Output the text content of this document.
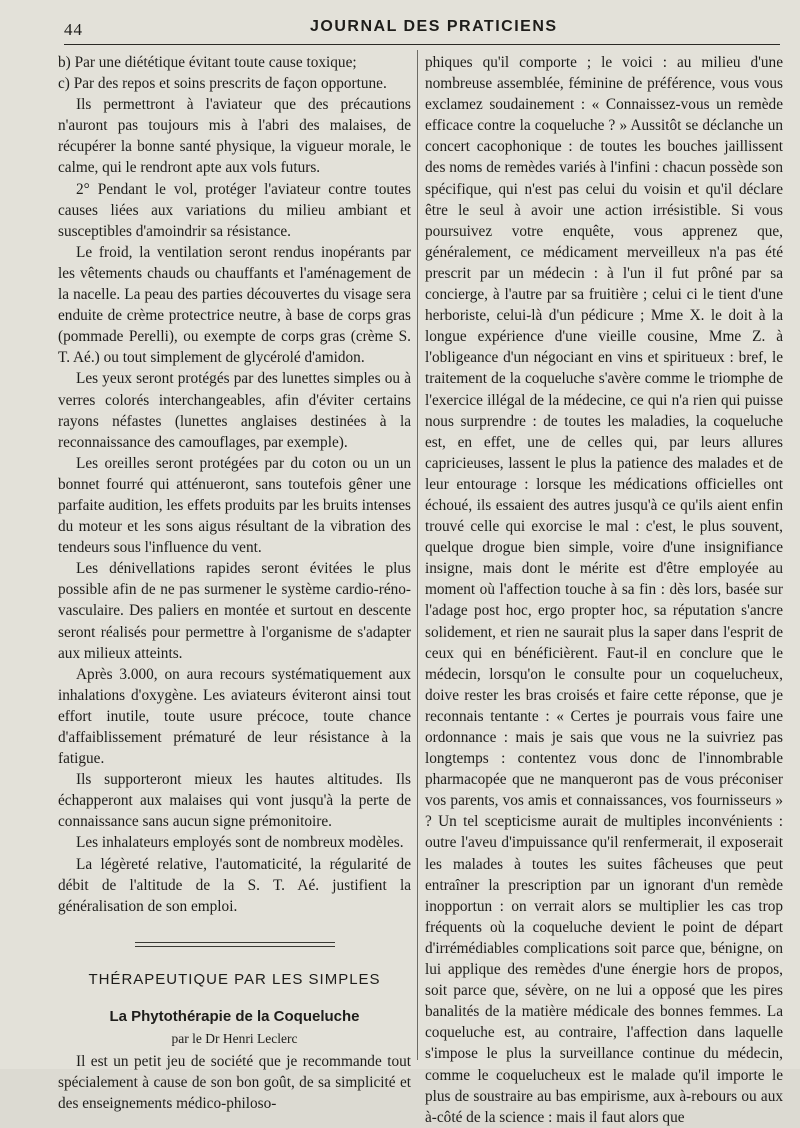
44	JOURNAL DES PRATICIENS

b) Par une diététique évitant toute cause toxique;

c) Par des repos et soins prescrits de façon opportune.

Ils permettront à l'aviateur que des précautions n'auront pas toujours mis à l'abri des malaises, de récupérer la bonne santé physique, la vigueur morale, le calme, qui le rendront apte aux vols futurs.

2° Pendant le vol, protéger l'aviateur contre toutes causes liées aux variations du milieu ambiant et susceptibles d'amoindrir sa résistance.

Le froid, la ventilation seront rendus inopérants par les vêtements chauds ou chauffants et l'aménagement de la nacelle. La peau des parties découvertes du visage sera enduite de crème protectrice neutre, à base de corps gras (pommade Perelli), ou exempte de corps gras (crème S. T. Aé.) ou tout simplement de glycérolé d'amidon.

Les yeux seront protégés par des lunettes simples ou à verres colorés interchangeables, afin d'éviter certains rayons néfastes (lunettes anglaises destinées à la reconnaissance des camouflages, par exemple).

Les oreilles seront protégées par du coton ou un un bonnet fourré qui atténueront, sans toutefois gêner une parfaite audition, les effets produits par les bruits intenses du moteur et les sons aigus résultant de la vibration des tendeurs sous l'influence du vent.

Les dénivellations rapides seront évitées le plus possible afin de ne pas surmener le système cardio-réno-vasculaire. Des paliers en montée et surtout en descente seront réalisés pour permettre à l'organisme de s'adapter aux milieux atteints.

Après 3.000, on aura recours systématiquement aux inhalations d'oxygène. Les aviateurs éviteront ainsi tout effort inutile, toute usure précoce, toute chance d'affaiblissement prématuré de leur résistance à la fatigue.

Ils supporteront mieux les hautes altitudes. Ils échapperont aux malaises qui vont jusqu'à la perte de connaissance sans aucun signe prémonitoire.

Les inhalateurs employés sont de nombreux modèles.

La légèreté relative, l'automaticité, la régularité de débit de l'altitude de la S. T. Aé. justifient la généralisation de son emploi.

THÉRAPEUTIQUE PAR LES SIMPLES
La Phytothérapie de la Coqueluche
par le Dr Henri Leclerc

Il est un petit jeu de société que je recommande tout spécialement à cause de son bon goût, de sa simplicité et des enseignements médico-philoso-

phiques qu'il comporte ; le voici : au milieu d'une nombreuse assemblée, féminine de préférence, vous vous exclamez soudainement : « Connaissez-vous un remède efficace contre la coqueluche ? » Aussitôt se déclanche un concert cacophonique : de toutes les bouches jaillissent des noms de remèdes variés à l'infini : chacun possède son spécifique, qui n'est pas celui du voisin et qu'il déclare être le seul à avoir une action irrésistible. Si vous poursuivez votre enquête, vous apprenez que, généralement, ce médicament merveilleux n'a pas été prescrit par un médecin : à l'un il fut prôné par sa concierge, à l'autre par sa fruitière ; celui ci le tient d'une herboriste, celui-là d'un pédicure ; Mme X. le doit à la longue expérience d'une vieille cousine, Mme Z. à l'obligeance d'un négociant en vins et spiritueux : bref, le traitement de la coqueluche s'avère comme le triomphe de l'exercice illégal de la médecine, ce qui n'a rien qui puisse nous surprendre : de toutes les maladies, la coqueluche est, en effet, une de celles qui, par leurs allures capricieuses, lassent le plus la patience des malades et de leur entourage : lorsque les médications officielles ont échoué, ils essaient des autres jusqu'à ce qu'ils aient enfin trouvé celle qui exorcise le mal : c'est, le plus souvent, quelque drogue bien simple, voire d'une insignifiance insigne, mais dont le mérite est d'être employée au moment où l'affection touche à sa fin : dès lors, basée sur l'adage post hoc, ergo propter hoc, sa réputation s'ancre solidement, et rien ne saurait plus la saper dans l'esprit de ceux qui en bénéficièrent. Faut-il en conclure que le médecin, lorsqu'on le consulte pour un coquelucheux, doive rester les bras croisés et faire cette réponse, que je reconnais tentante : « Certes je pourrais vous faire une ordonnance : mais je sais que vous ne la suivriez pas longtemps : contentez vous donc de l'innombrable pharmacopée que ne manqueront pas de vous préconiser vos parents, vos amis et connaissances, vos fournisseurs » ? Un tel scepticisme aurait de multiples inconvénients : outre l'aveu d'impuissance qu'il renfermerait, il exposerait les malades à toutes les suites fâcheuses que peut entraîner la prescription par un ignorant d'un remède inopportun : on verrait alors se multiplier les cas trop fréquents où la coqueluche devient le point de départ d'irrémédiables complications soit parce que, bénigne, on lui applique des remèdes d'une énergie hors de propos, soit parce que, sévère, on ne lui a opposé que les pires banalités de la matière médicale des bonnes femmes. La coqueluche est, au contraire, l'affection dans laquelle s'impose le plus la surveillance continue du médecin, comme le coquelucheux est le malade qu'il importe le plus de soustraire au bas empirisme, aux à-rebours ou aux à-côté de la science : mais il faut alors que
